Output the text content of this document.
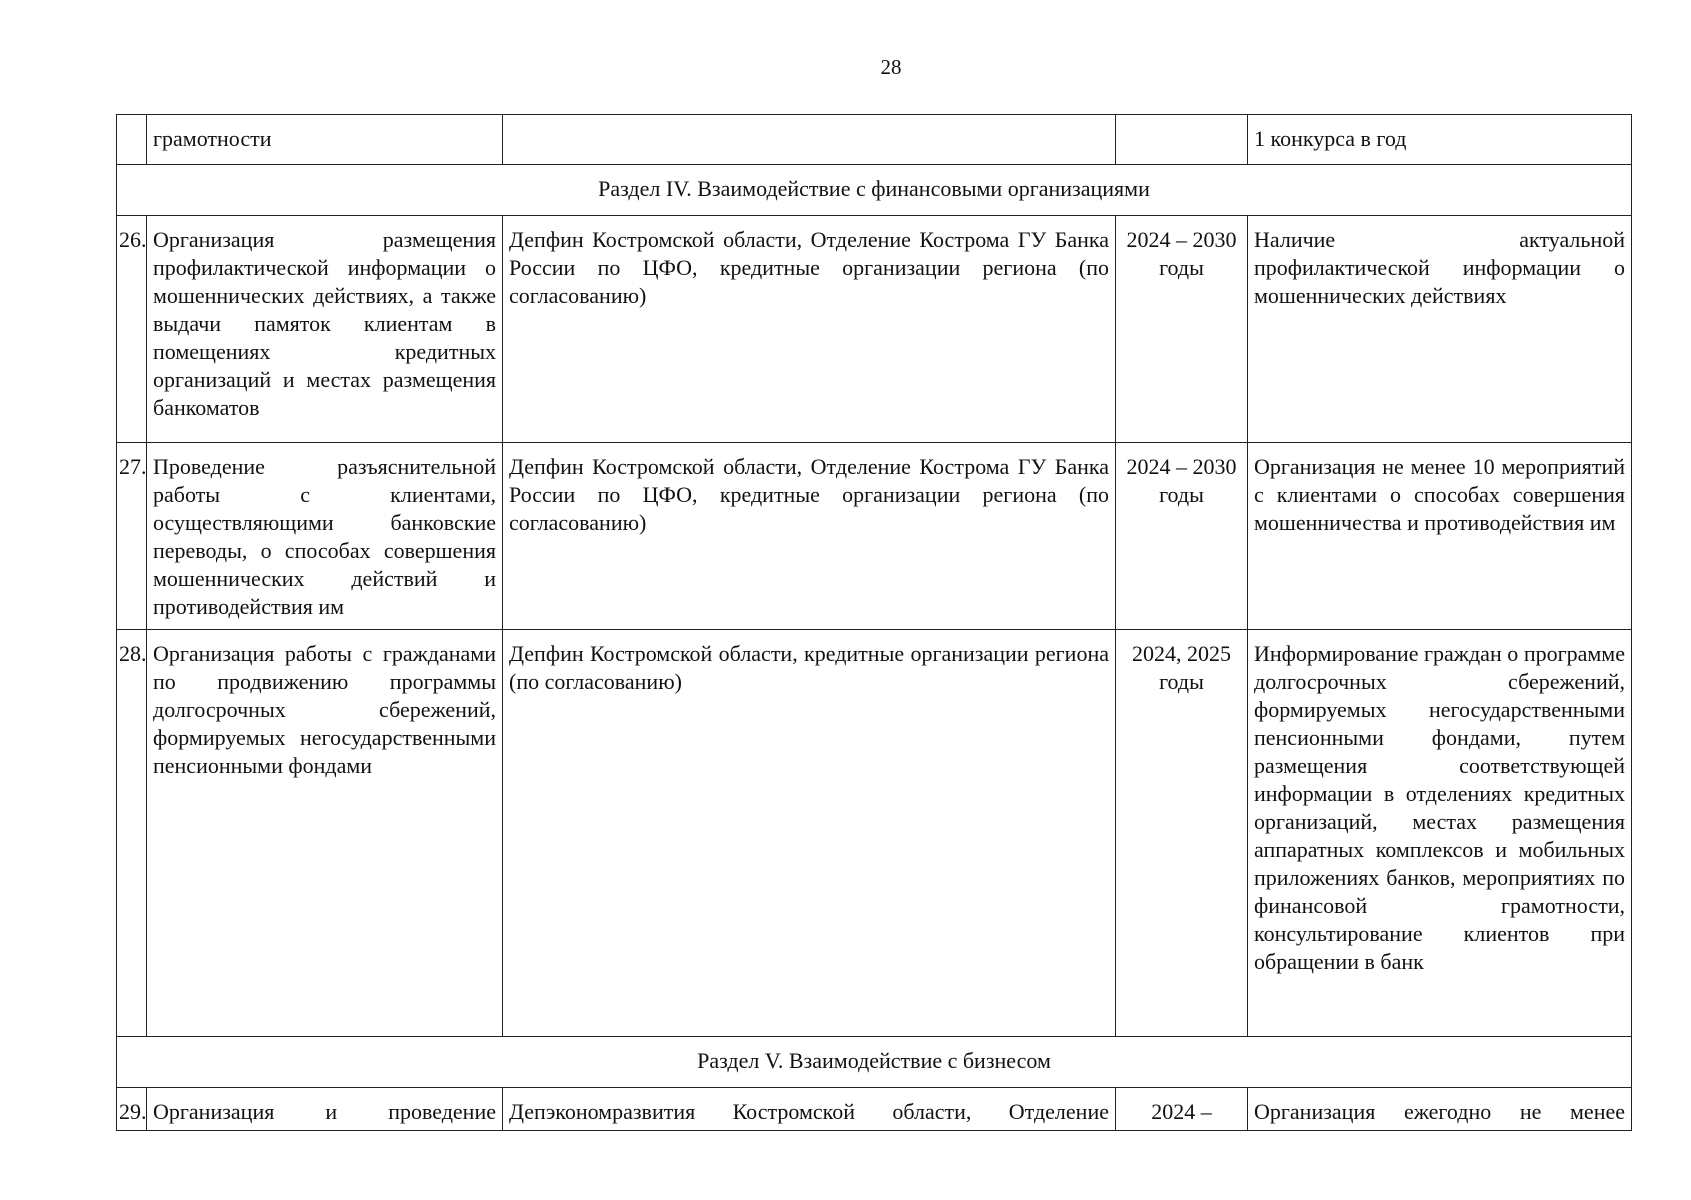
28
	грамотности			1 конкурса в год
Раздел IV. Взаимодействие с финансовыми организациями				
26.	Организация размещения профилактической информации о мошеннических действиях, а также выдачи памяток клиентам в помещениях кредитных организаций и местах размещения банкоматов	Депфин Костромской области, Отделение Кострома ГУ Банка России по ЦФО, кредитные организации региона (по согласованию)	2024 – 2030 годы	Наличие актуальной профилактической информации о мошеннических действиях
27.	Проведение разъяснительной работы с клиентами, осуществляющими банковские переводы, о способах совершения мошеннических действий и противодействия им	Депфин Костромской области, Отделение Кострома ГУ Банка России по ЦФО, кредитные организации региона (по согласованию)	2024 – 2030 годы	Организация не менее 10 мероприятий с клиентами о способах совершения мошенничества и противодействия им
28.	Организация работы с гражданами по продвижению программы долгосрочных сбережений, формируемых негосударственными пенсионными фондами	Депфин Костромской области, кредитные организации региона (по согласованию)	2024, 2025 годы	Информирование граждан о программе долгосрочных сбережений, формируемых негосударственными пенсионными фондами, путем размещения соответствующей информации в отделениях кредитных организаций, местах размещения аппаратных комплексов и мобильных приложениях банков, мероприятиях по финансовой грамотности, консультирование клиентов при обращении в банк
Раздел V. Взаимодействие с бизнесом				
29.	Организация и проведение	Депэкономразвития Костромской области, Отделение	2024 –	Организация ежегодно не менее
